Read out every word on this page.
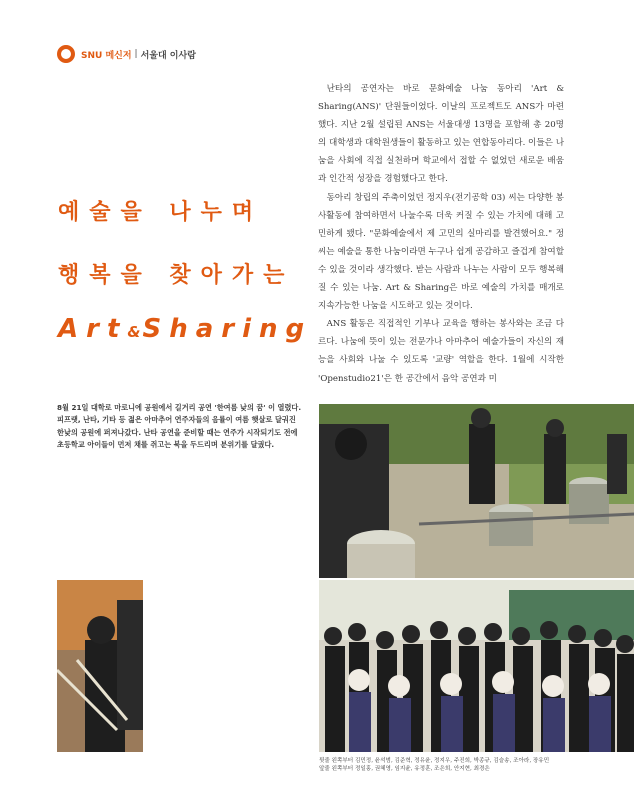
SNU 메신저 | 서울대 이사람
예술을 나누며
행복을 찾아가는
Art&Sharing

난타의 공연자는 바로 문화예술 나눔 동아리 'Art & Sharing(ANS)' 단원들이었다. 이날의 프로젝트도 ANS가 마련했다. 지난 2월 설립된 ANS는 서울대생 13명을 포함해 총 20명의 대학생과 대학원생들이 활동하고 있는 연합동아리다. 이들은 나눔을 사회에 직접 실천하며 학교에서 접할 수 없었던 새로운 배움과 인간적 성장을 경험했다고 한다.

동아리 창립의 주축이었던 정지우(전기공학 03) 씨는 다양한 봉사활동에 참여하면서 나눌수록 더욱 커질 수 있는 가치에 대해 고민하게 됐다. "문화예술에서 제 고민의 실마리를 발견했어요." 정씨는 예술을 통한 나눔이라면 누구나 쉽게 공감하고 즐겁게 참여할 수 있을 것이라 생각했다. 받는 사람과 나누는 사람이 모두 행복해질 수 있는 나눔. Art & Sharing은 바로 예술의 가치를 매개로 지속가능한 나눔을 시도하고 있는 것이다.

ANS 활동은 직접적인 기부나 교육을 행하는 봉사와는 조금 다르다. 나눔에 뜻이 있는 전문가나 아마추어 예술가들이 자신의 재능을 사회와 나눌 수 있도록 '교량' 역할을 한다. 1월에 시작한 'Openstudio21'은 한 공간에서 음악 공연과 미

8월 21일 대학로 마로니에 공원에서 길거리 공연 '한여름 낮의 꿈' 이 열렸다.

피프랫, 난타, 기타 등 젊은 아마추어 연주자들의 음률이 여름 햇살로 달궈진

한낮의 공원에 퍼져나갔다. 난타 공연을 준비할 때는 연주가 시작되기도 전에

초등학교 아이들이 먼저 채를 쥐고는 북을 두드리며 분위기를 달궜다.

뒷줄 왼쪽부터 김민정, 윤석범, 김준혁, 정유윤, 정지우, 주진희, 박종규, 김슬송, 조아라, 장유민

앞줄 왼쪽부터 정일홍, 권혜영, 임지윤, 유정훈, 조은희, 안지현, 최경은
